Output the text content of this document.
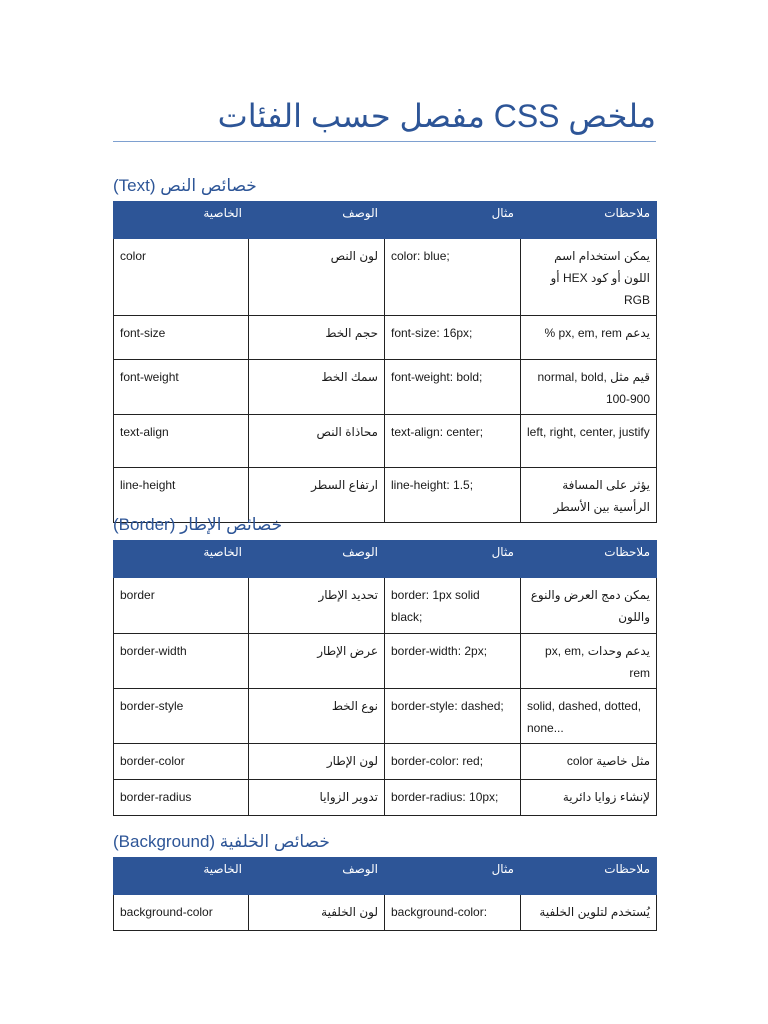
ملخص CSS مفصل حسب الفئات
خصائص النص (Text)
الخاصية	الوصف	مثال	ملاحظات
color	لون النص	color: blue;	يمكن استخدام اسم اللون أو كود HEX أو RGB
font-size	حجم الخط	font-size: 16px;	يدعم px, em, rem %
font-weight	سمك الخط	font-weight: bold;	قيم مثل normal, bold, 100-900
text-align	محاذاة النص	text-align: center;	left, right, center, justify
line-height	ارتفاع السطر	line-height: 1.5;	يؤثر على المسافة الرأسية بين الأسطر
خصائص الإطار (Border)
الخاصية	الوصف	مثال	ملاحظات
border	تحديد الإطار	border: 1px solid black;	يمكن دمج العرض والنوع واللون
border-width	عرض الإطار	border-width: 2px;	يدعم وحدات px, em, rem
border-style	نوع الخط	border-style: dashed;	solid, dashed, dotted, none...
border-color	لون الإطار	border-color: red;	مثل خاصية color
border-radius	تدوير الزوايا	border-radius: 10px;	لإنشاء زوايا دائرية
خصائص الخلفية (Background)
الخاصية	الوصف	مثال	ملاحظات
background-color	لون الخلفية	background-color:	يُستخدم لتلوين الخلفية
